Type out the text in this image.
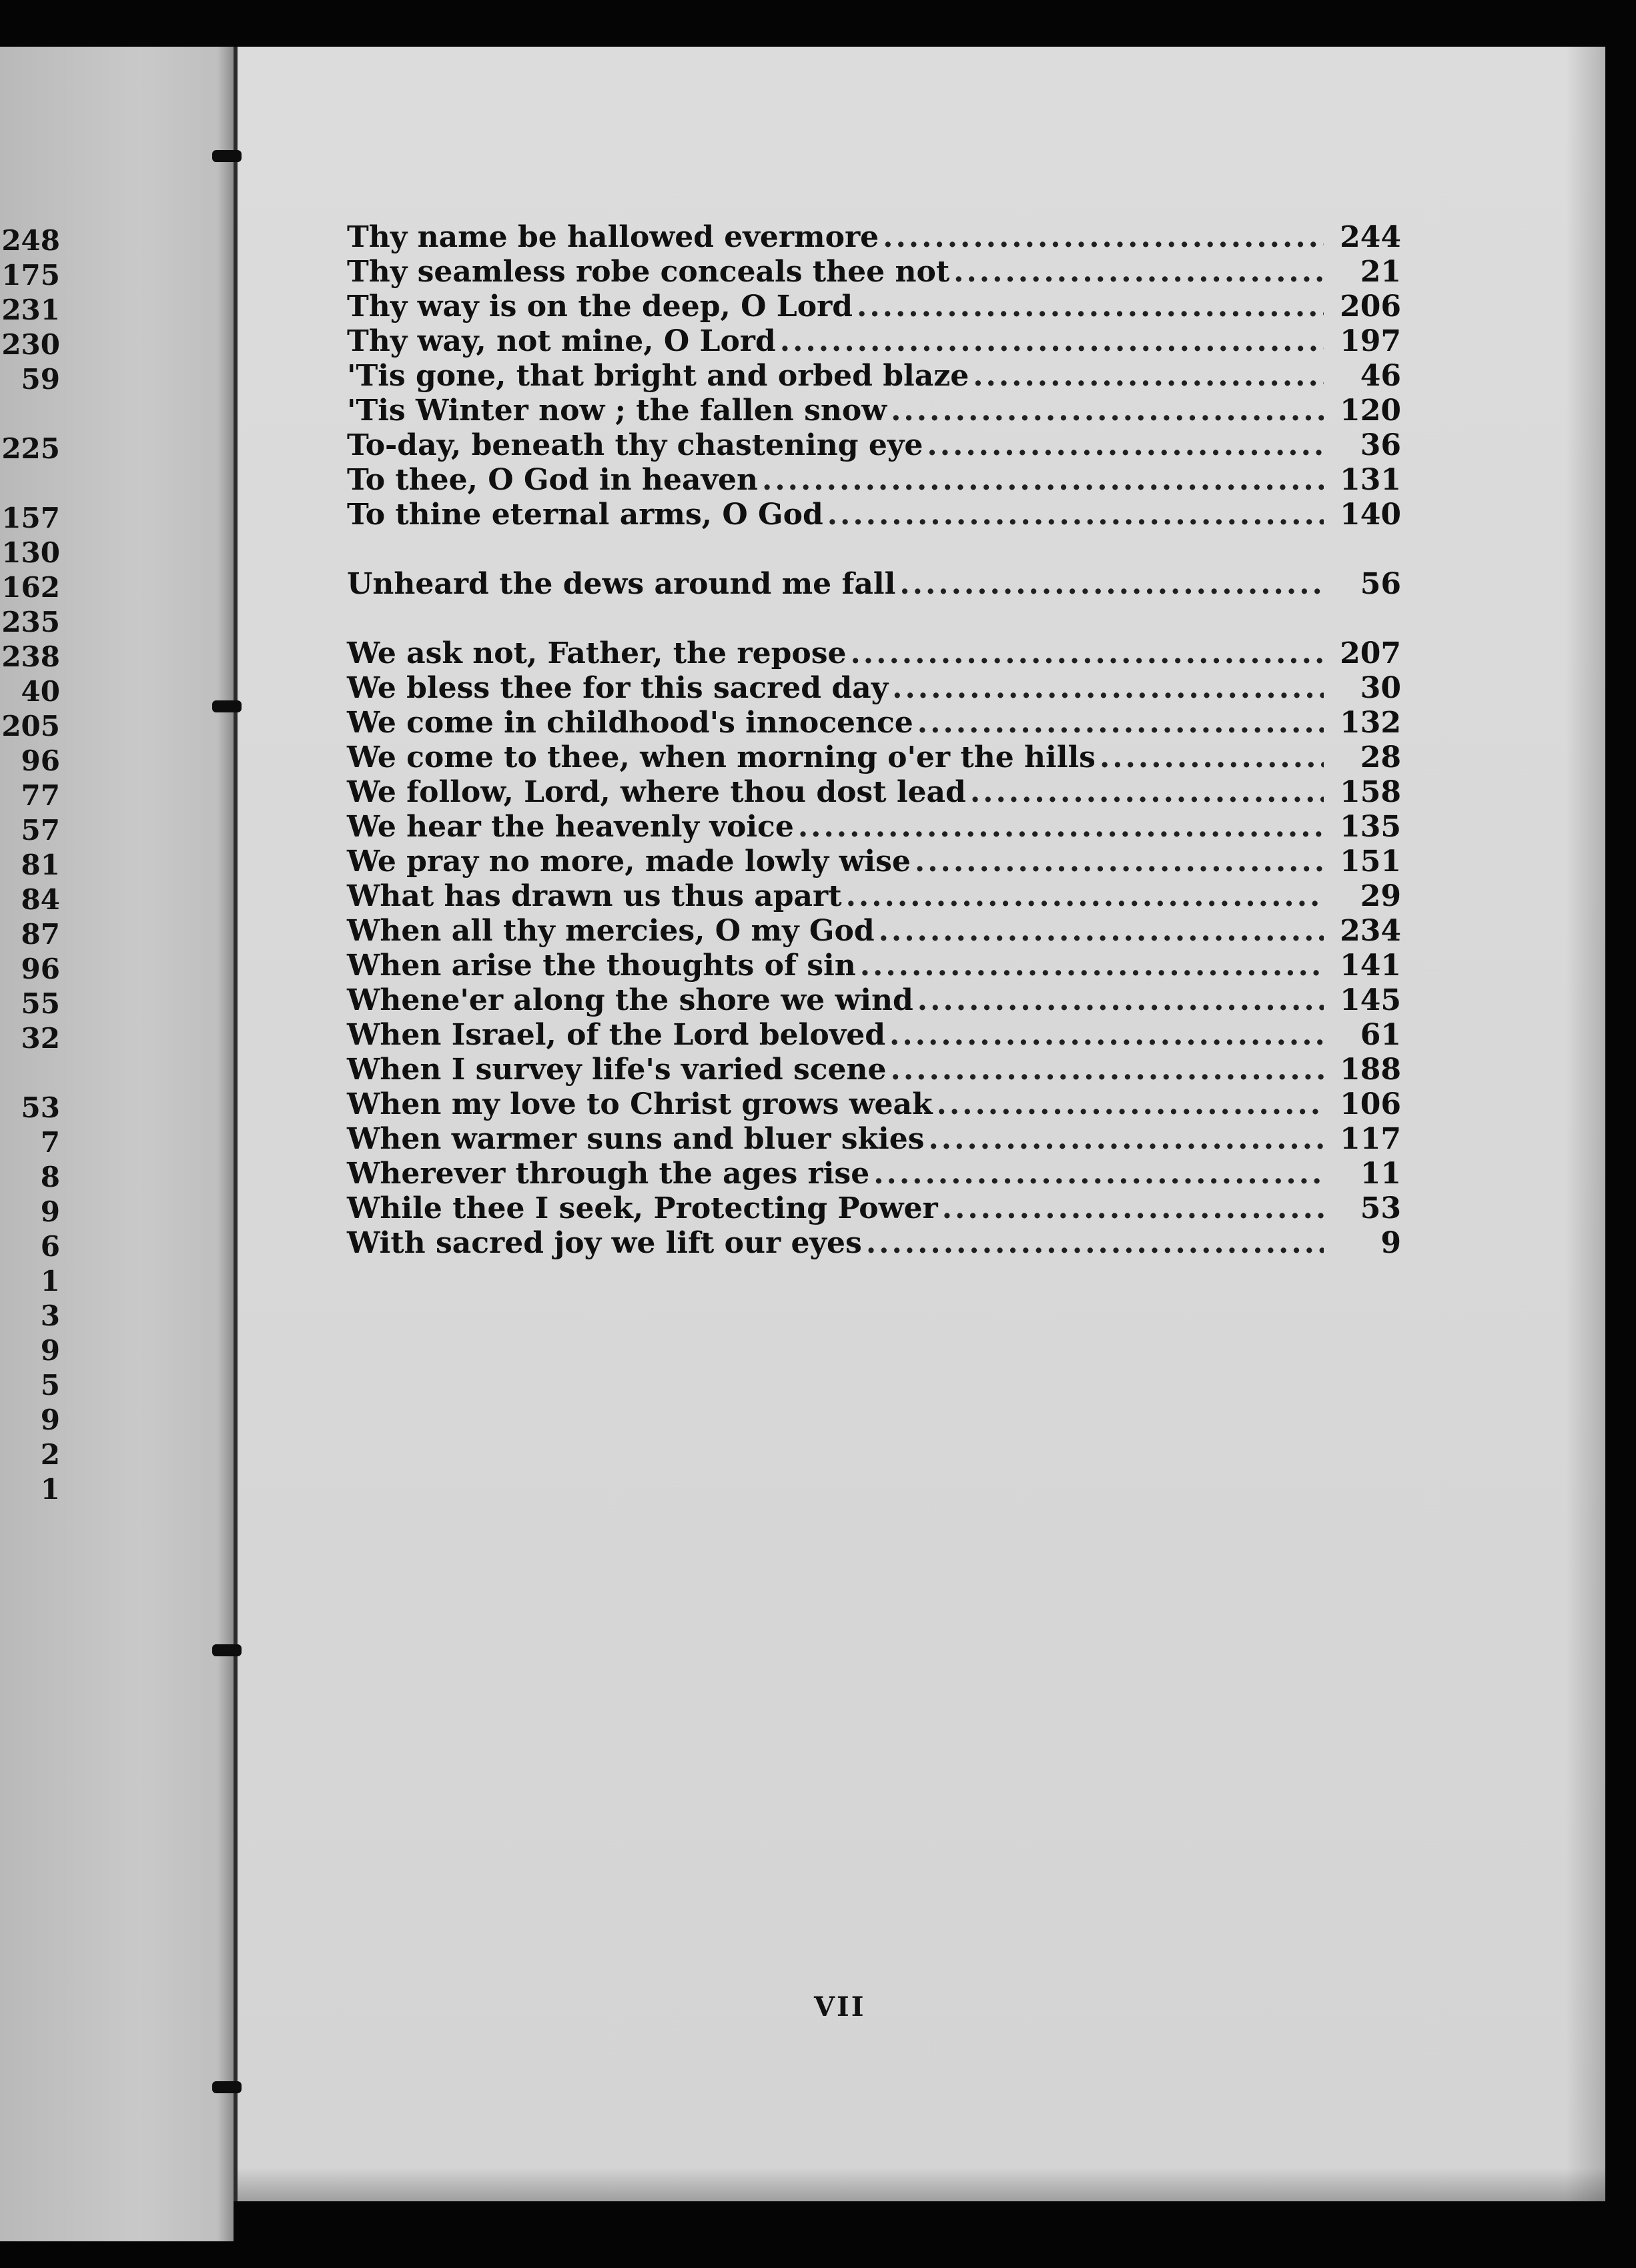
248
175
231
230
59
225
157
130
162
235
238
40
205
96
77
57
81
84
87
96
55
32
53
7
8
9
6
1
3
9
5
9
2
1
Thy name be hallowed evermore .....	244
Thy seamless robe conceals thee not .....	21
Thy way is on the deep, O Lord .....	206
Thy way, not mine, O Lord .....	197
'Tis gone, that bright and orbed blaze .....	46
'Tis Winter now ; the fallen snow .....	120
To-day, beneath thy chastening eye .....	36
To thee, O God in heaven .....	131
To thine eternal arms, O God .....	140
Unheard the dews around me fall .....	56
We ask not, Father, the repose .....	207
We bless thee for this sacred day .....	30
We come in childhood's innocence .....	132
We come to thee, when morning o'er the hills .....	28
We follow, Lord, where thou dost lead .....	158
We hear the heavenly voice .....	135
We pray no more, made lowly wise .....	151
What has drawn us thus apart .....	29
When all thy mercies, O my God .....	234
When arise the thoughts of sin .....	141
Whene'er along the shore we wind .....	145
When Israel, of the Lord beloved .....	61
When I survey life's varied scene .....	188
When my love to Christ grows weak .....	106
When warmer suns and bluer skies .....	117
Wherever through the ages rise .....	11
While thee I seek, Protecting Power .....	53
With sacred joy we lift our eyes .....	9
VII
